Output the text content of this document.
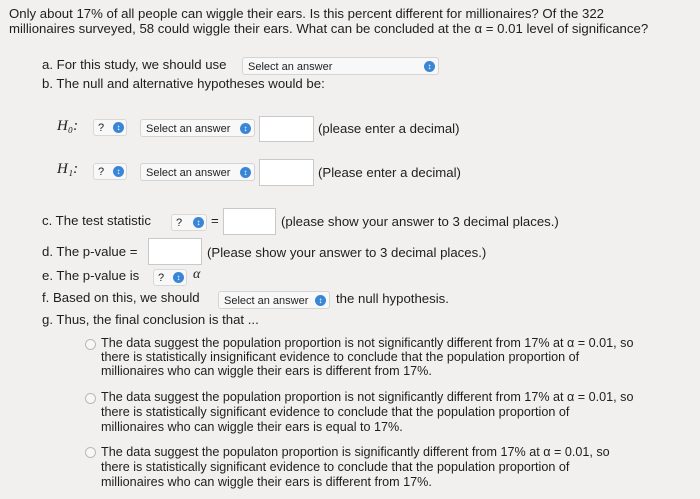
Only about 17% of all people can wiggle their ears. Is this percent different for millionaires? Of the 322
millionaires surveyed, 58 could wiggle their ears. What can be concluded at the α = 0.01 level of significance?
a. For this study, we should use	Select an answer	↕
b. The null and alternative hypotheses would be:
H₀:	?	↕	Select an answer	↕	(please enter a decimal)
H₁:	?	↕	Select an answer	↕	(Please enter a decimal)
c. The test statistic	?	↕ =	(please show your answer to 3 decimal places.)
d. The p-value =	(Please show your answer to 3 decimal places.)
e. The p-value is	?	↕ α
f. Based on this, we should	Select an answer	↕ the null hypothesis.
g. Thus, the final conclusion is that ...
The data suggest the population proportion is not significantly different from 17% at α = 0.01, so
there is statistically insignificant evidence to conclude that the population proportion of
millionaires who can wiggle their ears is different from 17%.
The data suggest the population proportion is not significantly different from 17% at α = 0.01, so
there is statistically significant evidence to conclude that the population proportion of
millionaires who can wiggle their ears is equal to 17%.
The data suggest the populaton proportion is significantly different from 17% at α = 0.01, so
there is statistically significant evidence to conclude that the population proportion of
millionaires who can wiggle their ears is different from 17%.
